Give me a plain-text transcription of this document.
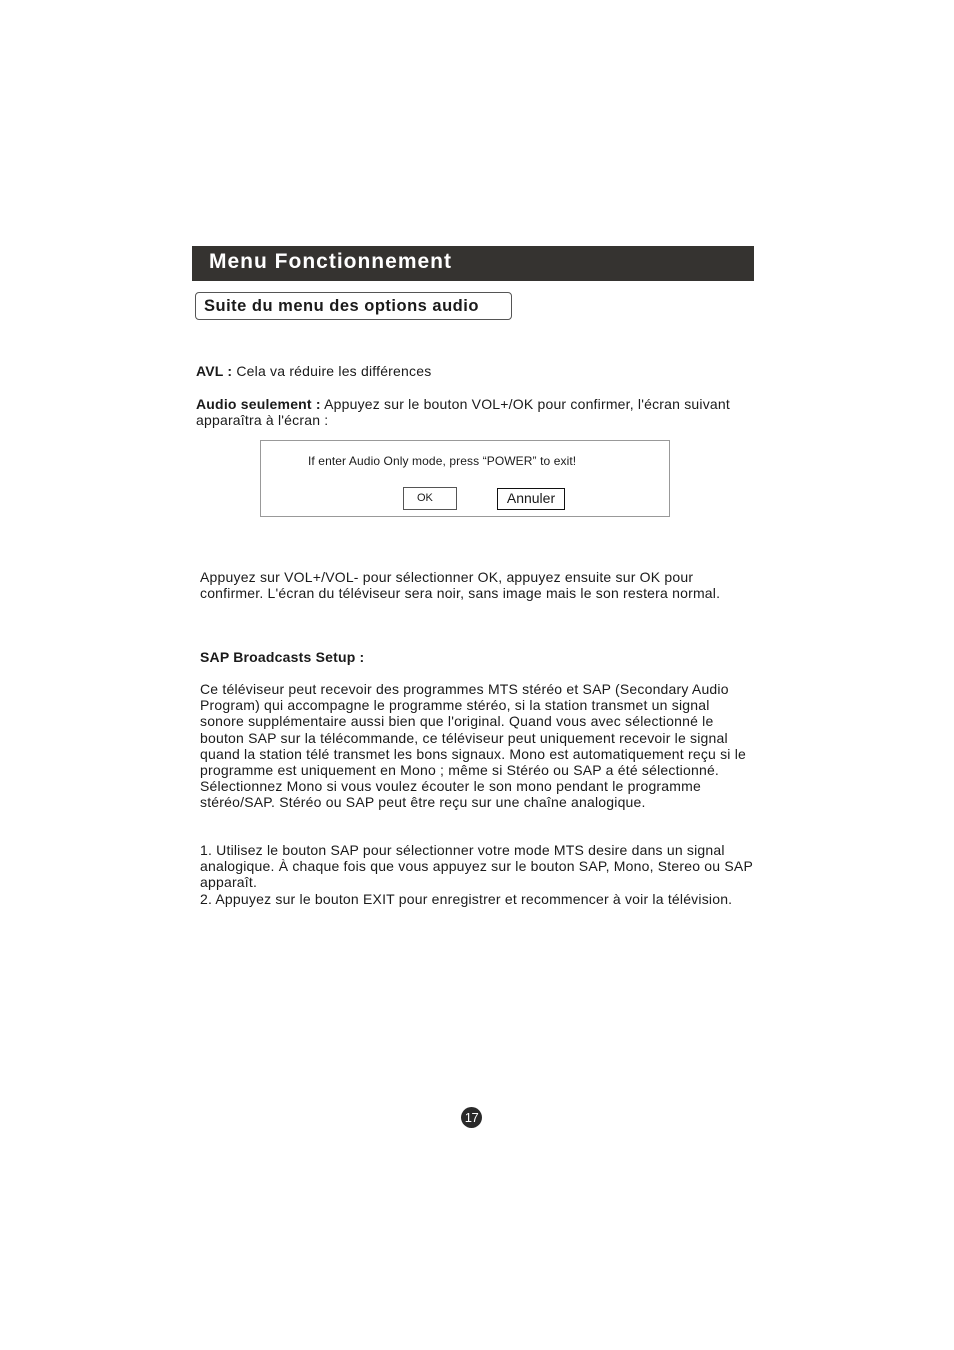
Menu Fonctionnement
Suite du menu des options audio

AVL : Cela va réduire les différences

Audio seulement : Appuyez sur le bouton VOL+/OK pour confirmer, l'écran suivant apparaîtra à l'écran :

If enter Audio Only mode, press “POWER” to exit!
OK	Annuler

Appuyez sur VOL+/VOL- pour sélectionner OK, appuyez ensuite sur OK pour confirmer. L'écran du téléviseur sera noir, sans image mais le son restera normal.

SAP Broadcasts Setup :

Ce téléviseur peut recevoir des programmes MTS stéréo et SAP (Secondary Audio Program) qui accompagne le programme stéréo, si la station transmet un signal sonore supplémentaire aussi bien que l'original. Quand vous avec sélectionné le bouton SAP sur la télécommande, ce téléviseur peut uniquement recevoir le signal quand la station télé transmet les bons signaux. Mono est automatiquement reçu si le programme est uniquement en Mono ; même si Stéréo ou SAP a été sélectionné.
Sélectionnez Mono si vous voulez écouter le son mono pendant le programme stéréo/SAP. Stéréo ou SAP peut être reçu sur une chaîne analogique.
1. Utilisez le bouton SAP pour sélectionner votre mode MTS desire dans un signal analogique. À chaque fois que vous appuyez sur le bouton SAP, Mono, Stereo ou SAP apparaît.
2. Appuyez sur le bouton EXIT pour enregistrer et recommencer à voir la télévision.
17
